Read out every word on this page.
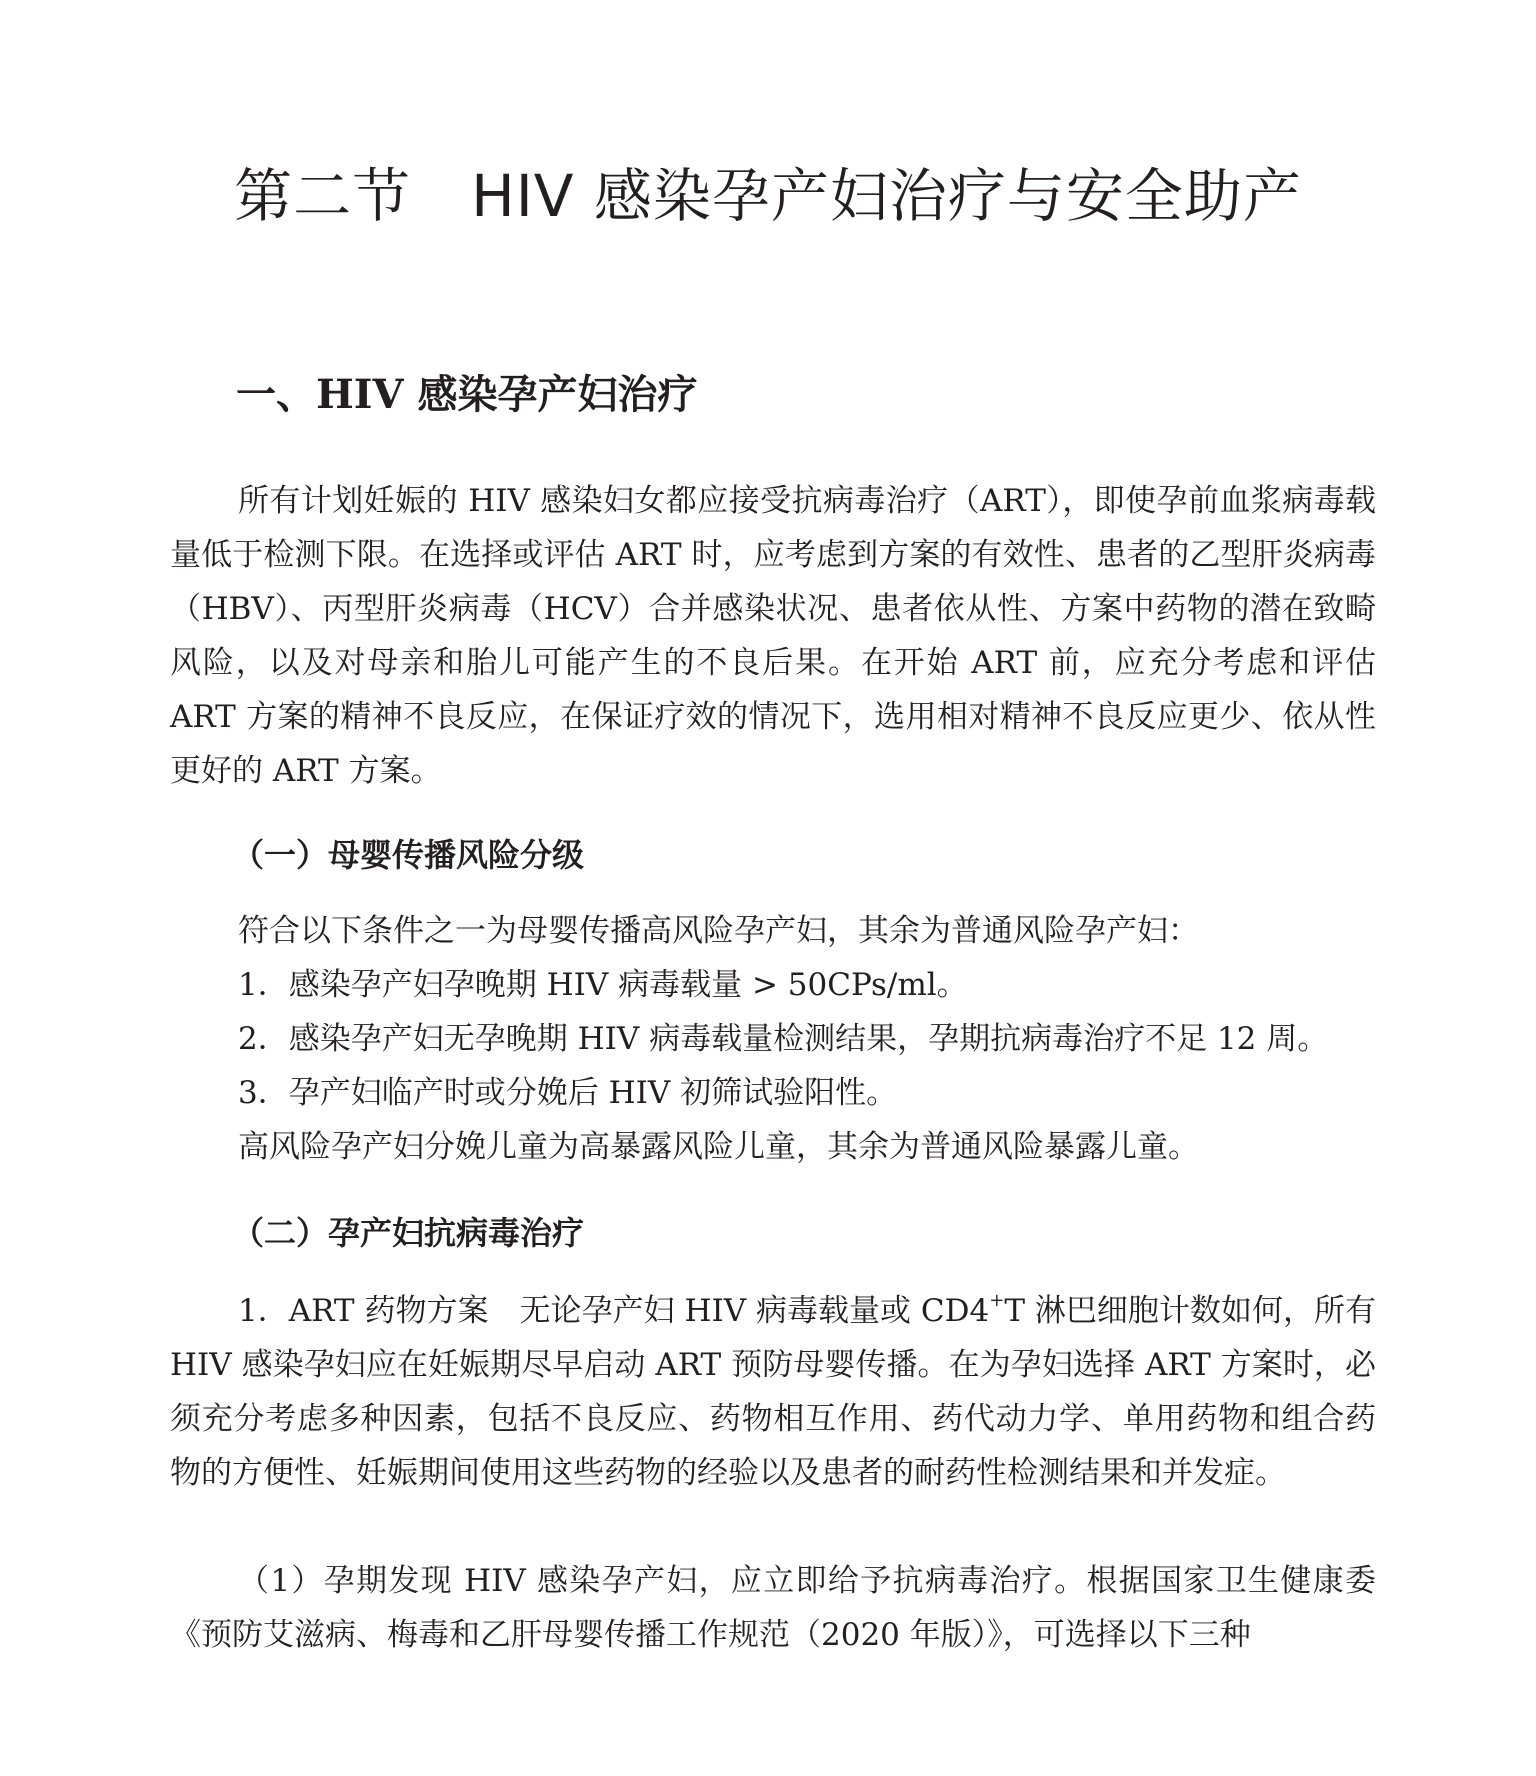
第二节 HIV 感染孕产妇治疗与安全助产
一、HIV 感染孕产妇治疗

所有计划妊娠的 HIV 感染妇女都应接受抗病毒治疗（ART），即使孕前血浆病毒载量低于检测下限。在选择或评估 ART 时，应考虑到方案的有效性、患者的乙型肝炎病毒（HBV）、丙型肝炎病毒（HCV）合并感染状况、患者依从性、方案中药物的潜在致畸风险，以及对母亲和胎儿可能产生的不良后果。在开始 ART 前，应充分考虑和评估 ART 方案的精神不良反应，在保证疗效的情况下，选用相对精神不良反应更少、依从性更好的 ART 方案。

（一）母婴传播风险分级

符合以下条件之一为母婴传播高风险孕产妇，其余为普通风险孕产妇：

1．感染孕产妇孕晚期 HIV 病毒载量 > 50CPs/ml。

2．感染孕产妇无孕晚期 HIV 病毒载量检测结果，孕期抗病毒治疗不足 12 周。

3．孕产妇临产时或分娩后 HIV 初筛试验阳性。

高风险孕产妇分娩儿童为高暴露风险儿童，其余为普通风险暴露儿童。

（二）孕产妇抗病毒治疗

1．ART 药物方案　无论孕产妇 HIV 病毒载量或 CD4+T 淋巴细胞计数如何，所有 HIV 感染孕妇应在妊娠期尽早启动 ART 预防母婴传播。在为孕妇选择 ART 方案时，必须充分考虑多种因素，包括不良反应、药物相互作用、药代动力学、单用药物和组合药物的方便性、妊娠期间使用这些药物的经验以及患者的耐药性检测结果和并发症。

（1）孕期发现 HIV 感染孕产妇，应立即给予抗病毒治疗。根据国家卫生健康委《预防艾滋病、梅毒和乙肝母婴传播工作规范（2020 年版）》，可选择以下三种
